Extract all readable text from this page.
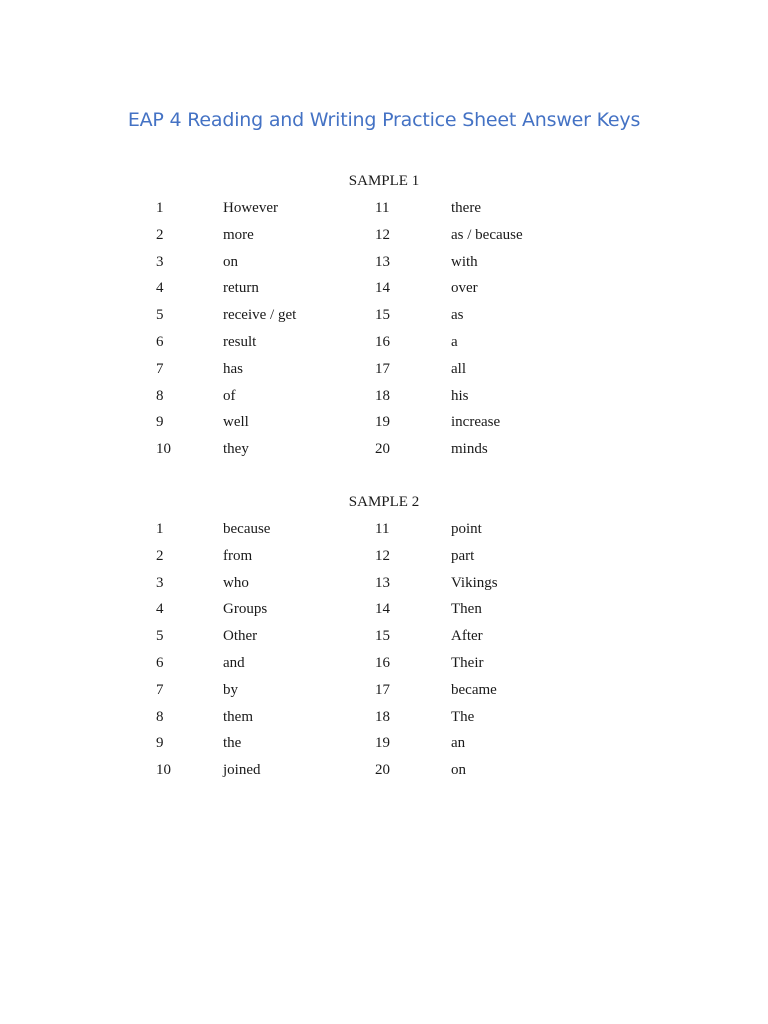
EAP 4 Reading and Writing Practice Sheet Answer Keys
SAMPLE 1
1	However	11	there
2	more	12	as / because
3	on	13	with
4	return	14	over
5	receive / get	15	as
6	result	16	a
7	has	17	all
8	of	18	his
9	well	19	increase
10	they	20	minds
SAMPLE 2
1	because	11	point
2	from	12	part
3	who	13	Vikings
4	Groups	14	Then
5	Other	15	After
6	and	16	Their
7	by	17	became
8	them	18	The
9	the	19	an
10	joined	20	on
